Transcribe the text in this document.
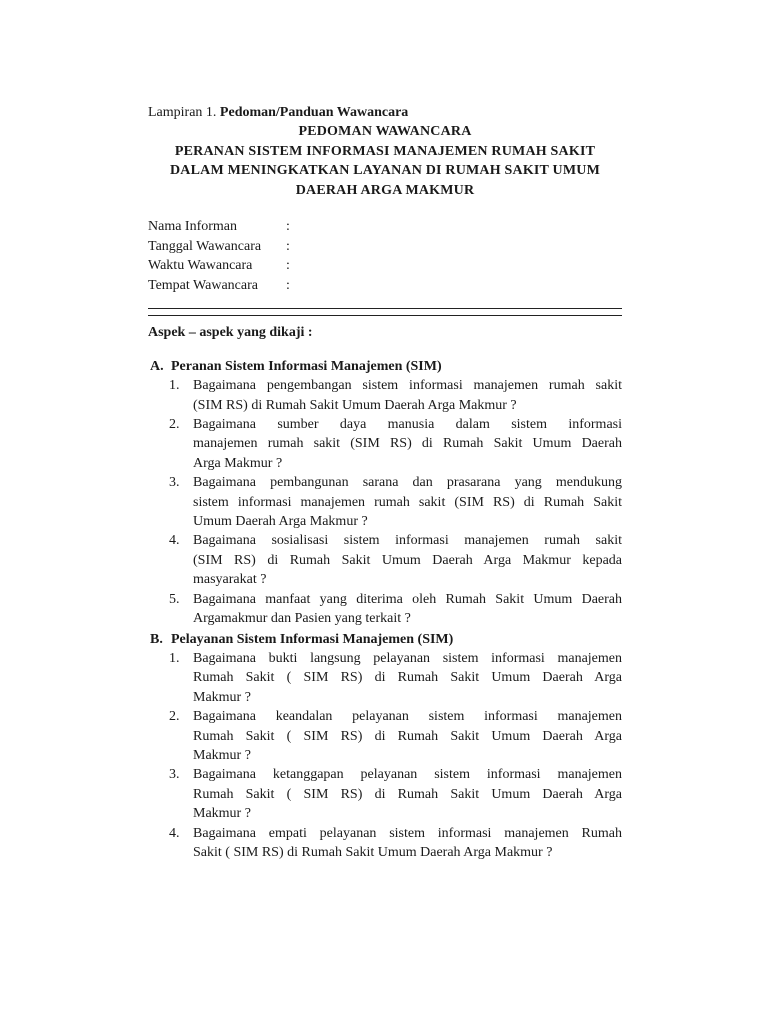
Lampiran 1. Pedoman/Panduan Wawancara

PEDOMAN WAWANCARA

PERANAN SISTEM INFORMASI MANAJEMEN RUMAH SAKIT

DALAM MENINGKATKAN LAYANAN DI RUMAH SAKIT UMUM

DAERAH ARGA MAKMUR

Nama Informan	:
Tanggal Wawancara	:
Waktu Wawancara	:
Tempat Wawancara	:

Aspek – aspek yang dikaji :

A. Peranan Sistem Informasi Manajemen (SIM)
1. Bagaimana pengembangan sistem informasi manajemen rumah sakit
(SIM RS) di Rumah Sakit Umum Daerah Arga Makmur ?
2. Bagaimana sumber daya manusia dalam sistem informasi
manajemen rumah sakit (SIM RS) di Rumah Sakit Umum Daerah
Arga Makmur ?
3. Bagaimana pembangunan sarana dan prasarana yang mendukung
sistem informasi manajemen rumah sakit (SIM RS) di Rumah Sakit
Umum Daerah Arga Makmur ?
4. Bagaimana sosialisasi sistem informasi manajemen rumah sakit
(SIM RS) di Rumah Sakit Umum Daerah Arga Makmur kepada
masyarakat ?
5. Bagaimana manfaat yang diterima oleh Rumah Sakit Umum Daerah
Argamakmur dan Pasien yang terkait ?
B. Pelayanan Sistem Informasi Manajemen (SIM)
1. Bagaimana bukti langsung pelayanan sistem informasi manajemen
Rumah Sakit ( SIM RS) di Rumah Sakit Umum Daerah Arga
Makmur ?
2. Bagaimana keandalan pelayanan sistem informasi manajemen
Rumah Sakit ( SIM RS) di Rumah Sakit Umum Daerah Arga
Makmur ?
3. Bagaimana ketanggapan pelayanan sistem informasi manajemen
Rumah Sakit ( SIM RS) di Rumah Sakit Umum Daerah Arga
Makmur ?
4. Bagaimana empati pelayanan sistem informasi manajemen Rumah
Sakit ( SIM RS) di Rumah Sakit Umum Daerah Arga Makmur ?
